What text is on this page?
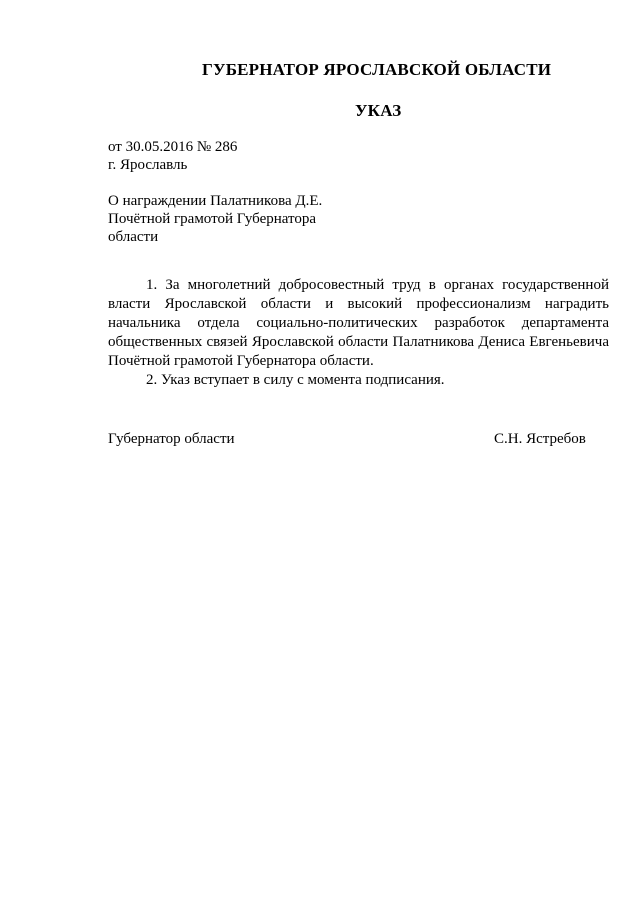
ГУБЕРНАТОР ЯРОСЛАВСКОЙ ОБЛАСТИ
УКАЗ
от 30.05.2016 № 286
г. Ярославль
О награждении Палатникова Д.Е.
Почётной грамотой Губернатора
области

1. За многолетний добросовестный труд в органах государственной власти Ярославской области и высокий профессионализм наградить начальника отдела социально-политических разработок департамента общественных связей Ярославской области Палатникова Дениса Евгеньевича Почётной грамотой Губернатора области.

2. Указ вступает в силу с момента подписания.

Губернатор области	С.Н. Ястребов
